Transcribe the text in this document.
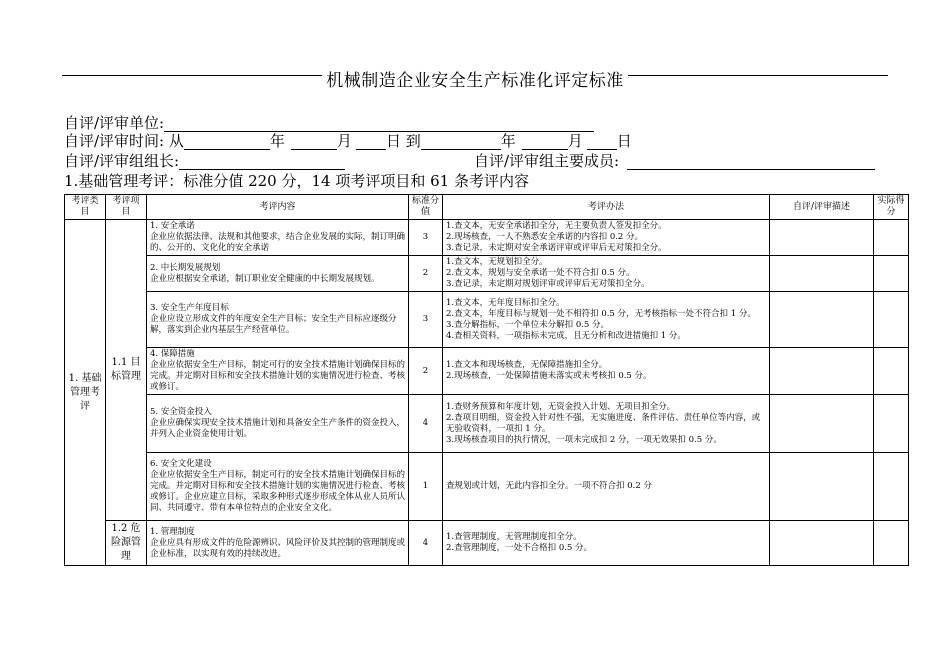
机械制造企业安全生产标准化评定标准
自评/评审单位:
自评/评审时间: 从	年	月 日 到	年	月 日
自评/评审组组长:	自评/评审组主要成员:
1.基础管理考评：标准分值 220 分，14 项考评项目和 61 条考评内容
考评类目	考评项目	考评内容	标准分值	考评办法	自评/评审描述	实际得分
1. 基础管理考评	1.1 目标管理	1. 安全承诺
企业应依据法律、法规和其他要求，结合企业发展的实际，制订明确的、公开的、文化化的安全承诺	3	1.查文本，无安全承诺扣全分，无主要负责人签发扣全分。
2.现场核查，一人不熟悉安全承诺的内容扣 0.2 分。
3.查记录，未定期对安全承诺评审或评审后无对策扣全分。		

		2. 中长期发展规划
企业应根据安全承诺，制订职业安全健康的中长期发展规划。	2	1.查文本，无规划扣全分。
2.查文本，规划与安全承诺一处不符合扣 0.5 分。
3.查记录，未定期对规划评审或评审后无对策扣全分。		

		3. 安全生产年度目标
企业应设立形成文件的年度安全生产目标；安全生产目标应逐级分解，落实到企业内基层生产经营单位。	3	1.查文本，无年度目标扣全分。
2.查文本，年度目标与规划一处不相符扣 0.5 分，无考核指标一处不符合扣 1 分。
3.查分解指标，一个单位未分解扣 0.5 分。
4.查相关资料，一项指标未完成，且无分析和改进措施扣 1 分。		

		4. 保障措施
企业应依据安全生产目标，制定可行的安全技术措施计划确保目标的完成。并定期对目标和安全技术措施计划的实施情况进行检查、考核或修订。	2	1.查文本和现场核查，无保障措施扣全分。
2.现场核查，一处保障措施未落实或未考核扣 0.5 分。		

		5. 安全资金投入
企业应确保实现安全技术措施计划和具备安全生产条件的资金投入，并列入企业资金使用计划。	4	1.查财务预算和年度计划，无资金投入计划、无项目扣全分。
2.查项目明细，资金投入针对性不强，无实施进度、条件评估、责任单位等内容，或无验收资料，一项扣 1 分。
3.现场核查项目的执行情况，一项未完成扣 2 分，一项无效果扣 0.5 分。		

		6. 安全文化建设
企业应依据安全生产目标，制定可行的安全技术措施计划确保目标的完成。并定期对目标和安全技术措施计划的实施情况进行检查、考核或修订。企业应建立目标，采取多种形式逐步形成全体从业人员所认同、共同遵守、带有本单位特点的企业安全文化。	1	查规划或计划，无此内容扣全分。一项不符合扣 0.2 分		

	1.2 危险源管理	1. 管理制度
企业应具有形成文件的危险源辨识、风险评价及其控制的管理制度或企业标准，以实现有效的持续改进。	4	1.查管理制度，无管理制度扣全分。
2.查管理制度，一处不合格扣 0.5 分。		
